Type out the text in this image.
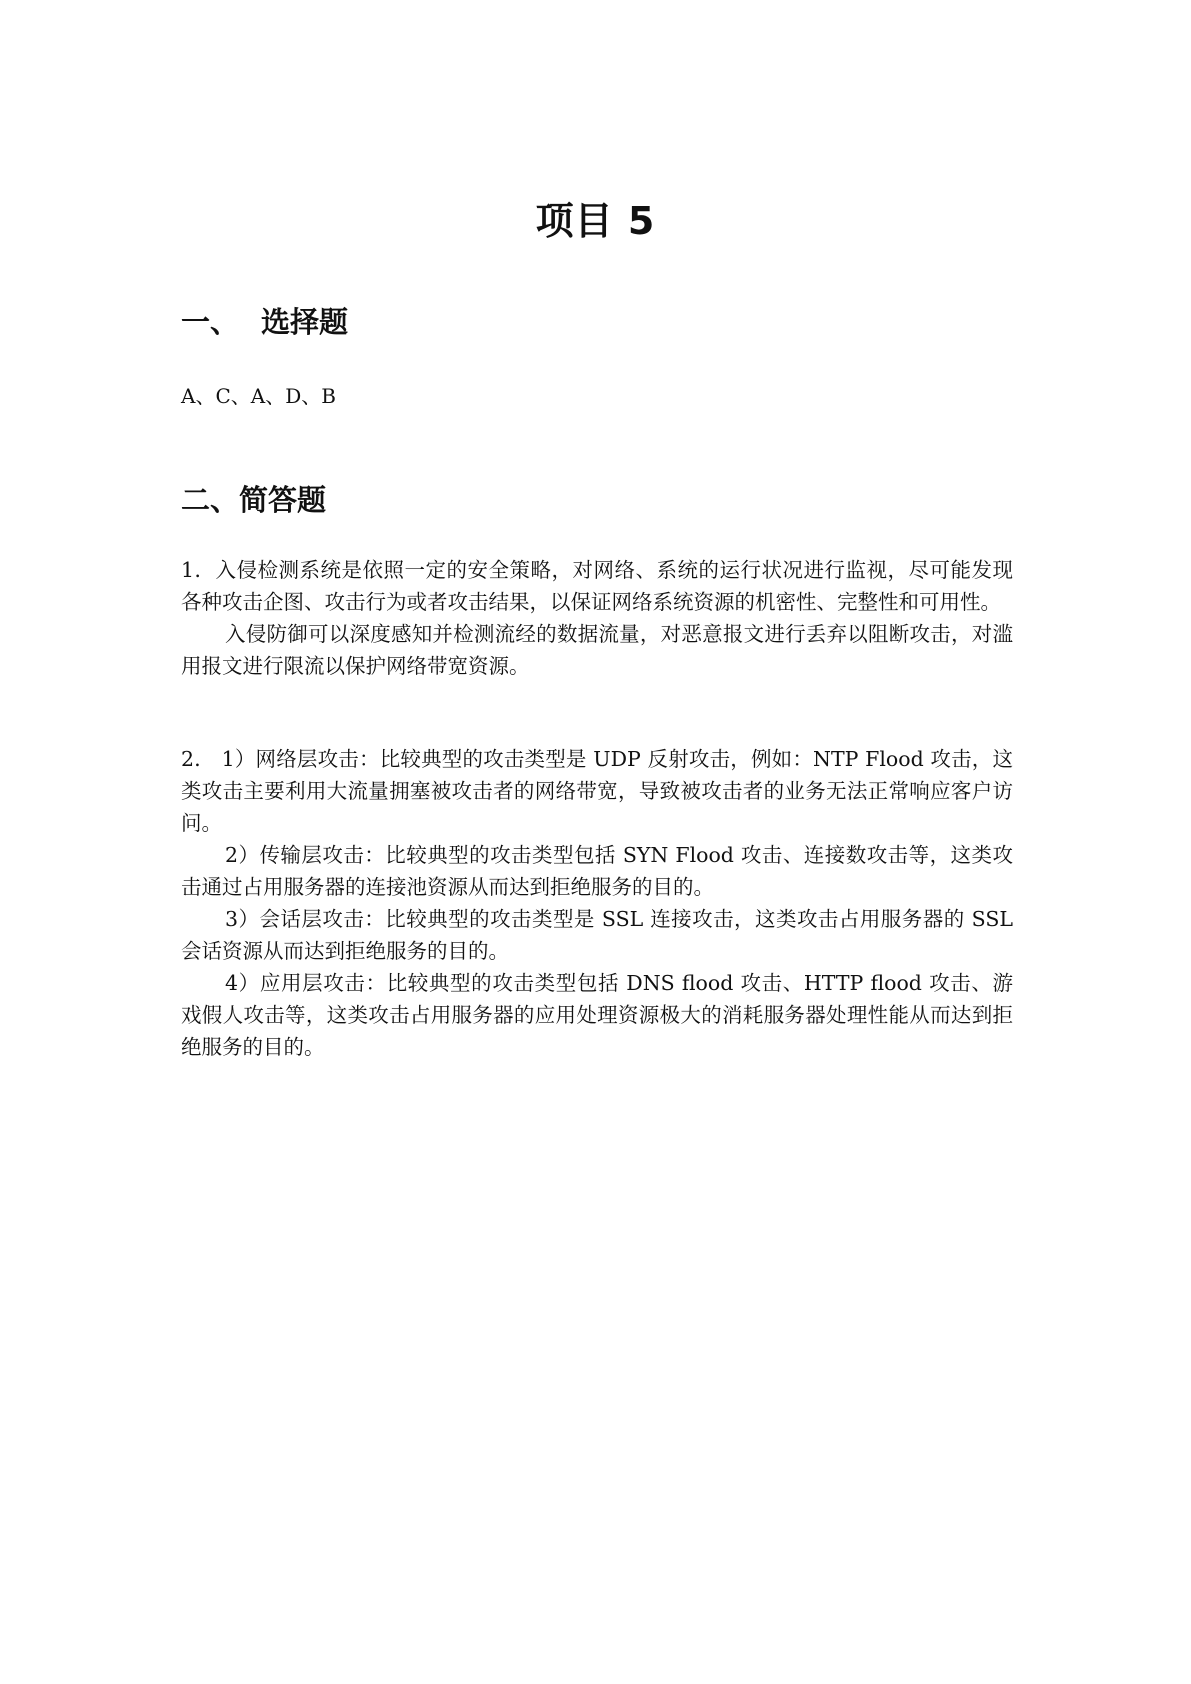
项目 5
一、 选择题

A、C、A、D、B

二、简答题

1．入侵检测系统是依照一定的安全策略，对网络、系统的运行状况进行监视，尽可能发现各种攻击企图、攻击行为或者攻击结果，以保证网络系统资源的机密性、完整性和可用性。

入侵防御可以深度感知并检测流经的数据流量，对恶意报文进行丢弃以阻断攻击，对滥用报文进行限流以保护网络带宽资源。

2． 1）网络层攻击：比较典型的攻击类型是 UDP 反射攻击，例如：NTP Flood 攻击，这类攻击主要利用大流量拥塞被攻击者的网络带宽，导致被攻击者的业务无法正常响应客户访问。

2）传输层攻击：比较典型的攻击类型包括 SYN Flood 攻击、连接数攻击等，这类攻击通过占用服务器的连接池资源从而达到拒绝服务的目的。

3）会话层攻击：比较典型的攻击类型是 SSL 连接攻击，这类攻击占用服务器的 SSL 会话资源从而达到拒绝服务的目的。

4）应用层攻击：比较典型的攻击类型包括 DNS flood 攻击、HTTP flood 攻击、游戏假人攻击等，这类攻击占用服务器的应用处理资源极大的消耗服务器处理性能从而达到拒绝服务的目的。
